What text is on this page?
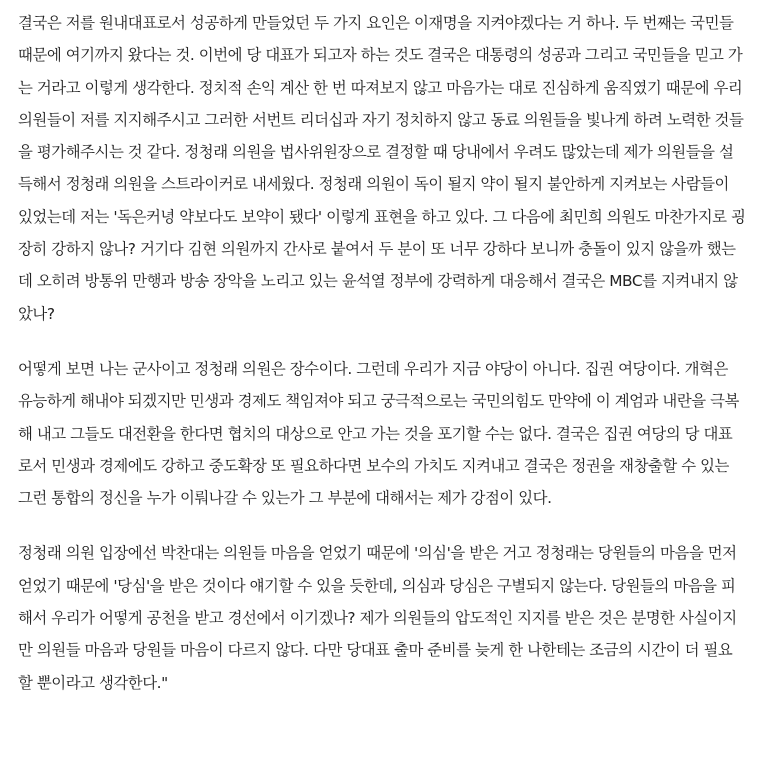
결국은 저를 원내대표로서 성공하게 만들었던 두 가지 요인은 이재명을 지켜야겠다는 거 하나. 두 번째는 국민들 때문에 여기까지 왔다는 것. 이번에 당 대표가 되고자 하는 것도 결국은 대통령의 성공과 그리고 국민들을 믿고 가는 거라고 이렇게 생각한다. 정치적 손익 계산 한 번 따져보지 않고 마음가는 대로 진심하게 움직였기 때문에 우리 의원들이 저를 지지해주시고 그러한 서번트 리더십과 자기 정치하지 않고 동료 의원들을 빛나게 하려 노력한 것들을 평가해주시는 것 같다. 정청래 의원을 법사위원장으로 결정할 때 당내에서 우려도 많았는데 제가 의원들을 설득해서 정청래 의원을 스트라이커로 내세웠다. 정청래 의원이 독이 될지 약이 될지 불안하게 지켜보는 사람들이 있었는데 저는 '독은커녕 약보다도 보약이 됐다' 이렇게 표현을 하고 있다. 그 다음에 최민희 의원도 마찬가지로 굉장히 강하지 않나? 거기다 김현 의원까지 간사로 붙여서 두 분이 또 너무 강하다 보니까 충돌이 있지 않을까 했는데 오히려 방통위 만행과 방송 장악을 노리고 있는 윤석열 정부에 강력하게 대응해서 결국은 MBC를 지켜내지 않았나?

어떻게 보면 나는 군사이고 정청래 의원은 장수이다. 그런데 우리가 지금 야당이 아니다. 집권 여당이다. 개혁은 유능하게 해내야 되겠지만 민생과 경제도 책임져야 되고 궁극적으로는 국민의힘도 만약에 이 계엄과 내란을 극복해 내고 그들도 대전환을 한다면 협치의 대상으로 안고 가는 것을 포기할 수는 없다. 결국은 집권 여당의 당 대표로서 민생과 경제에도 강하고 중도확장 또 필요하다면 보수의 가치도 지켜내고 결국은 정권을 재창출할 수 있는 그런 통합의 정신을 누가 이뤄나갈 수 있는가 그 부분에 대해서는 제가 강점이 있다.

정청래 의원 입장에선 박찬대는 의원들 마음을 얻었기 때문에 '의심'을 받은 거고 정청래는 당원들의 마음을 먼저 얻었기 때문에 '당심'을 받은 것이다 얘기할 수 있을 듯한데, 의심과 당심은 구별되지 않는다. 당원들의 마음을 피해서 우리가 어떻게 공천을 받고 경선에서 이기겠나? 제가 의원들의 압도적인 지지를 받은 것은 분명한 사실이지만 의원들 마음과 당원들 마음이 다르지 않다. 다만 당대표 출마 준비를 늦게 한 나한테는 조금의 시간이 더 필요할 뿐이라고 생각한다."
